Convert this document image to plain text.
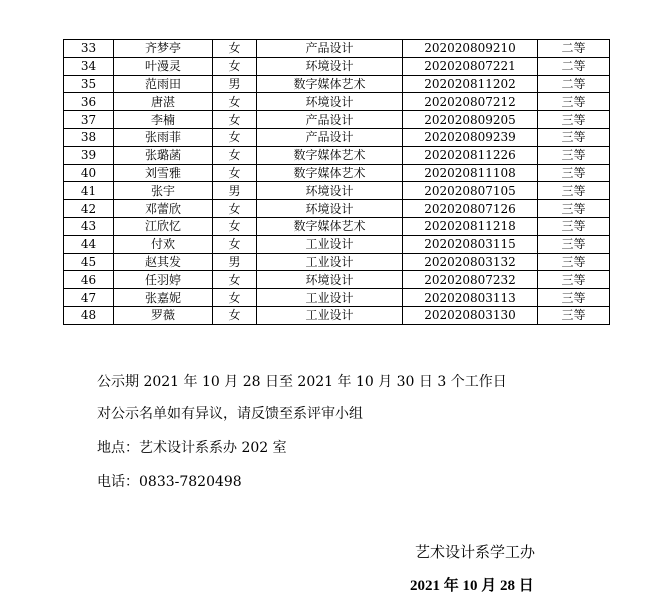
33	齐梦亭	女	产品设计	202020809210	二等
34	叶漫灵	女	环境设计	202020807221	二等
35	范雨田	男	数字媒体艺术	202020811202	二等
36	唐湛	女	环境设计	202020807212	三等
37	李楠	女	产品设计	202020809205	三等
38	张雨菲	女	产品设计	202020809239	三等
39	张璐菡	女	数字媒体艺术	202020811226	三等
40	刘雪雅	女	数字媒体艺术	202020811108	三等
41	张宇	男	环境设计	202020807105	三等
42	邓蕾欣	女	环境设计	202020807126	三等
43	江欣忆	女	数字媒体艺术	202020811218	三等
44	付欢	女	工业设计	202020803115	三等
45	赵其发	男	工业设计	202020803132	三等
46	任羽婷	女	环境设计	202020807232	三等
47	张嘉妮	女	工业设计	202020803113	三等
48	罗薇	女	工业设计	202020803130	三等
公示期 2021 年 10 月 28 日至 2021 年 10 月 30 日 3 个工作日
对公示名单如有异议，请反馈至系评审小组
地点：艺术设计系系办 202 室
电话：0833-7820498
艺术设计系学工办
2021 年 10 月 28 日
